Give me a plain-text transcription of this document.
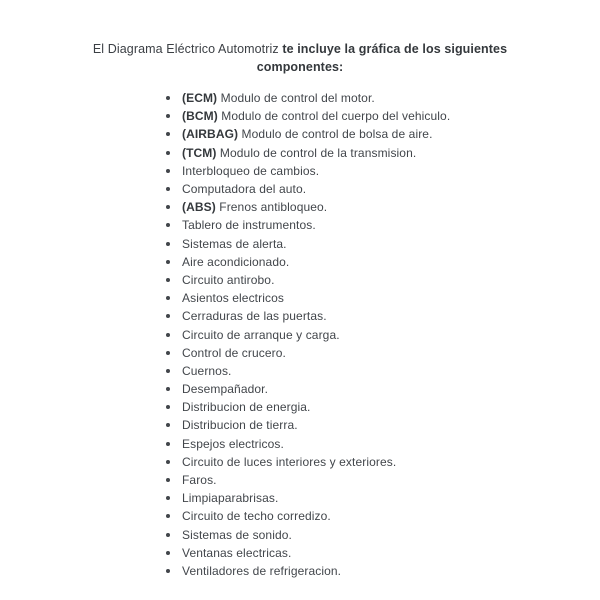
El Diagrama Eléctrico Automotriz te incluye la gráfica de los siguientes
componentes:
(ECM) Modulo de control del motor.
(BCM) Modulo de control del cuerpo del vehiculo.
(AIRBAG) Modulo de control de bolsa de aire.
(TCM) Modulo de control de la transmision.
Interbloqueo de cambios.
Computadora del auto.
(ABS) Frenos antibloqueo.
Tablero de instrumentos.
Sistemas de alerta.
Aire acondicionado.
Circuito antirobo.
Asientos electricos
Cerraduras de las puertas.
Circuito de arranque y carga.
Control de crucero.
Cuernos.
Desempañador.
Distribucion de energia.
Distribucion de tierra.
Espejos electricos.
Circuito de luces interiores y exteriores.
Faros.
Limpiaparabrisas.
Circuito de techo corredizo.
Sistemas de sonido.
Ventanas electricas.
Ventiladores de refrigeracion.
